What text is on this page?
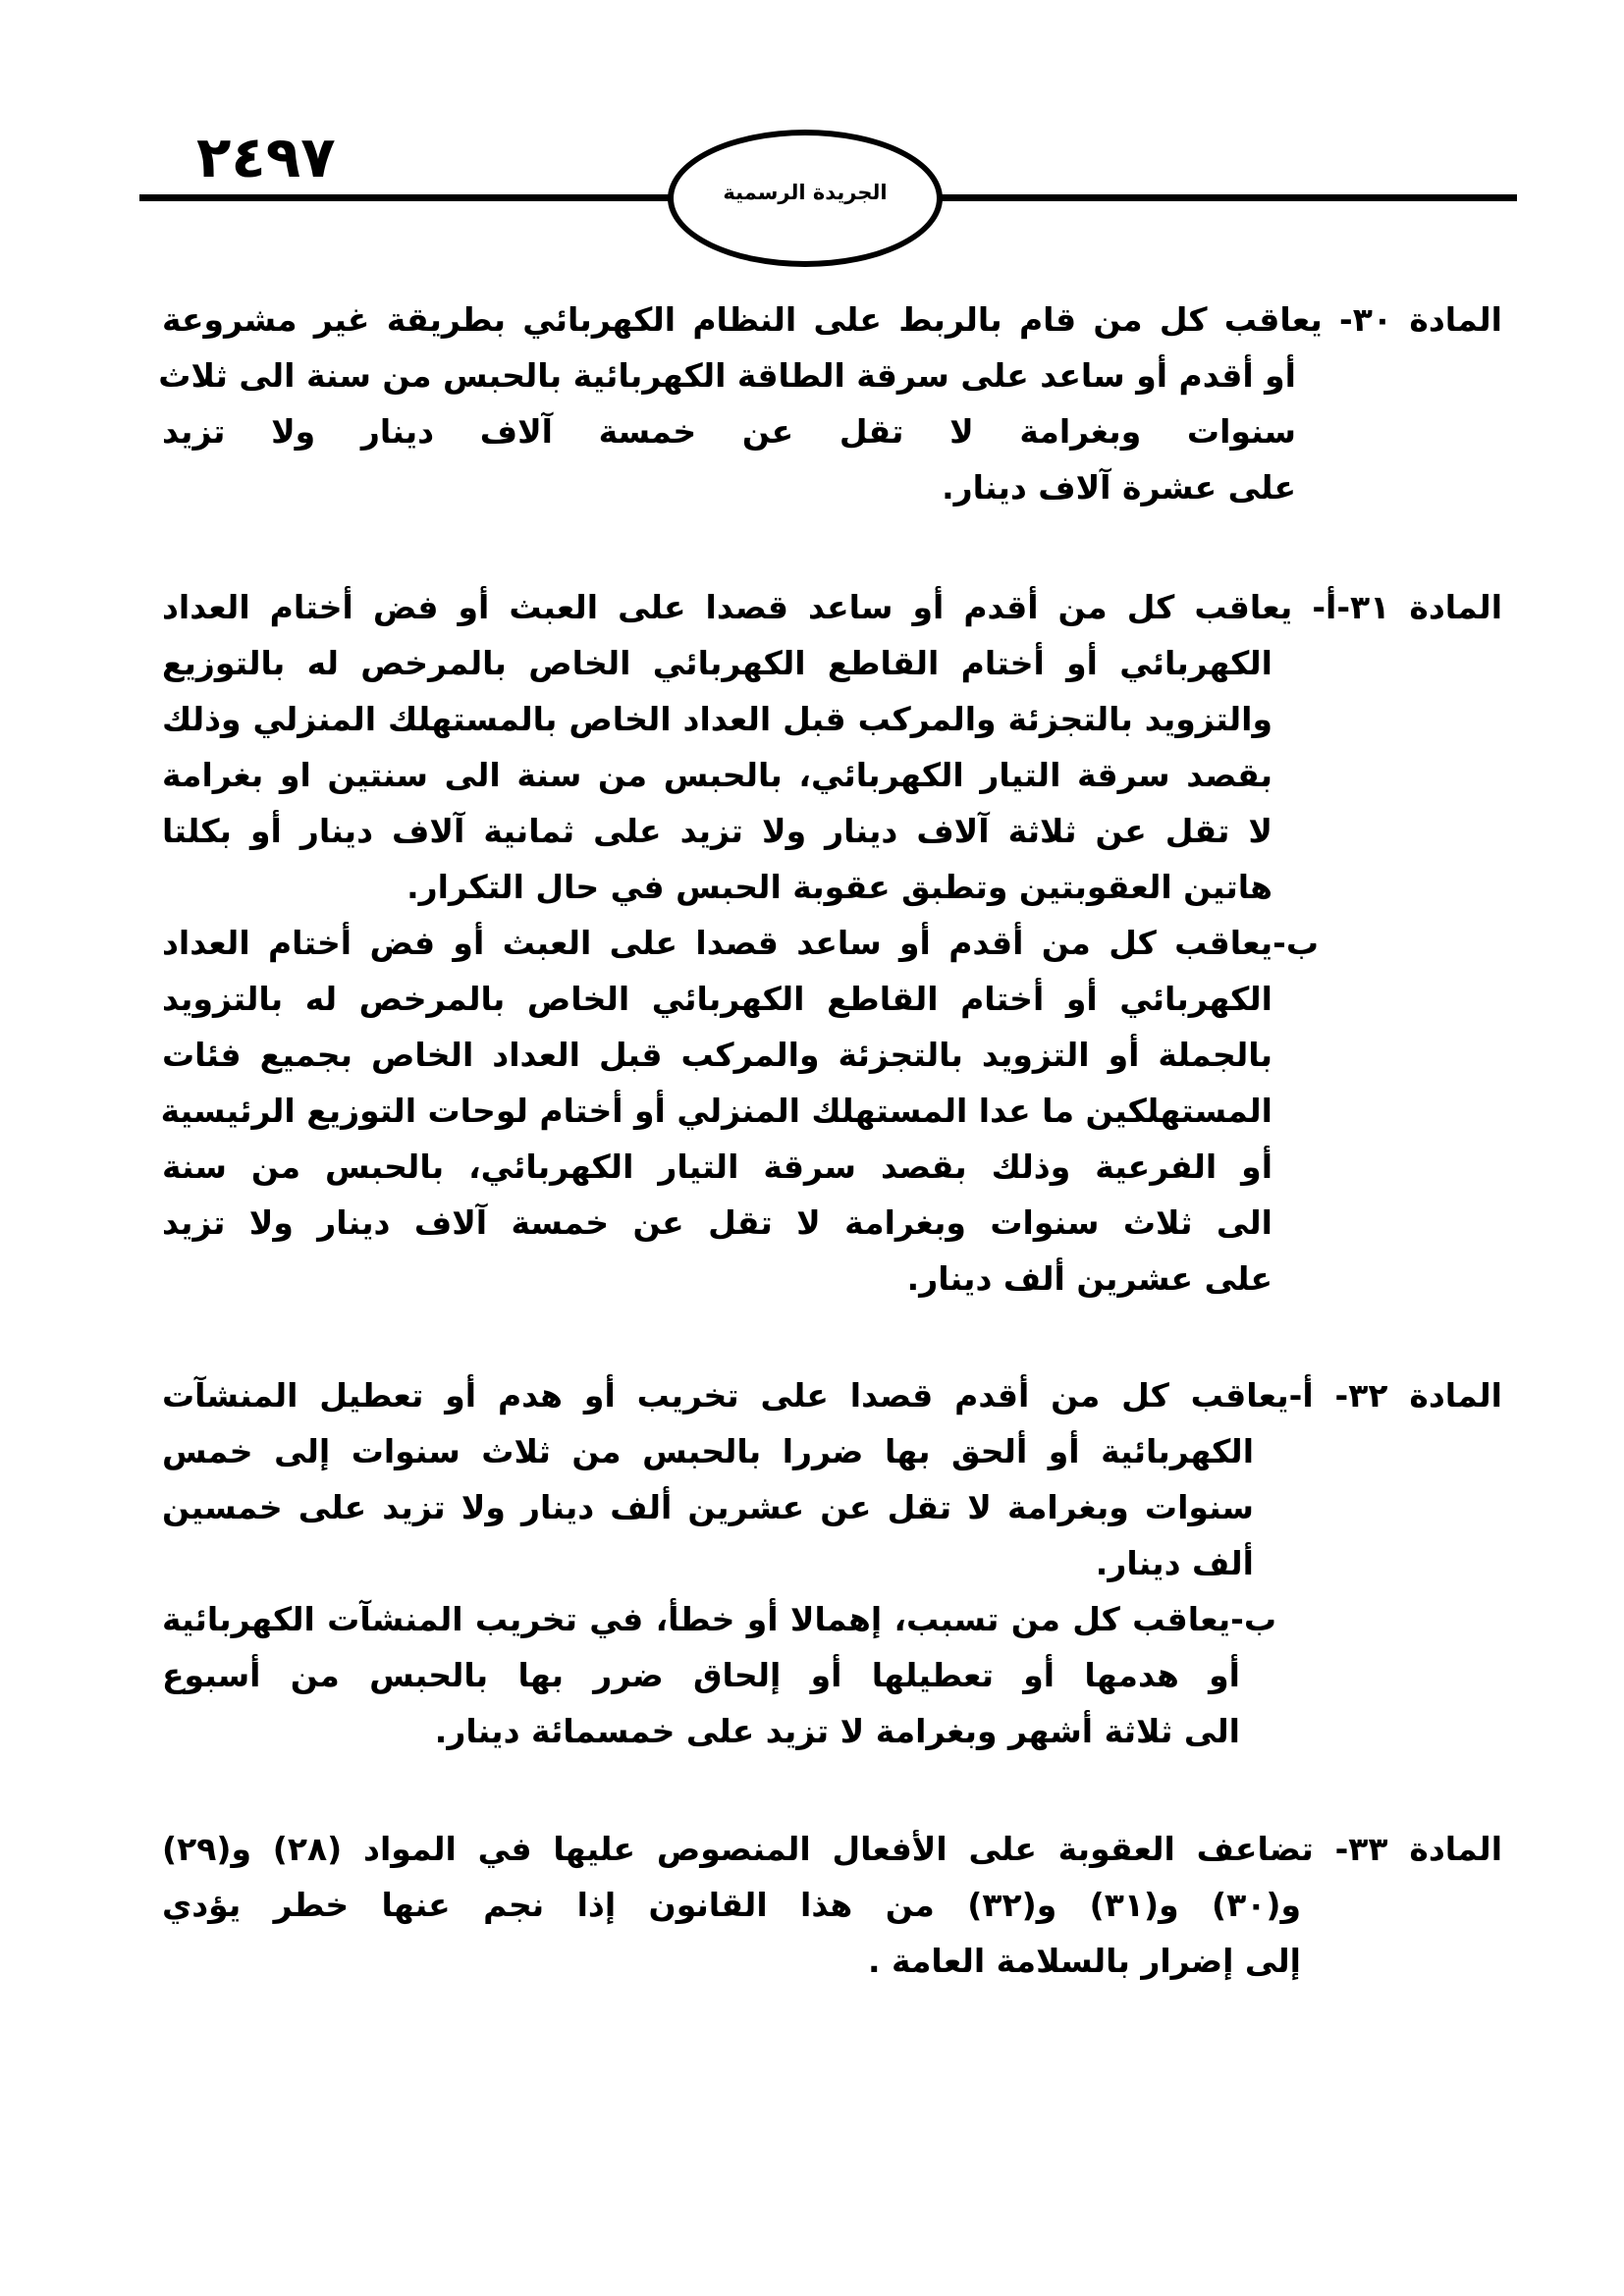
٢٤٩٧
الجريدة الرسمية
المادة ٣٠- يعاقب كل من قام بالربط على النظام الكهربائي بطريقة غير مشروعة
أو أقدم أو ساعد على سرقة الطاقة الكهربائية بالحبس من سنة الى ثلاث
سنوات وبغرامة لا تقل عن خمسة آلاف دينار ولا تزيد
على عشرة آلاف دينار.
المادة ٣١-أ- يعاقب كل من أقدم أو ساعد قصدا على العبث أو فض أختام العداد
الكهربائي أو أختام القاطع الكهربائي الخاص بالمرخص له بالتوزيع
والتزويد بالتجزئة والمركب قبل العداد الخاص بالمستهلك المنزلي وذلك
بقصد سرقة التيار الكهربائي، بالحبس من سنة الى سنتين او بغرامة
لا تقل عن ثلاثة آلاف دينار ولا تزيد على ثمانية آلاف دينار أو بكلتا
هاتين العقوبتين وتطبق عقوبة الحبس في حال التكرار.
ب-يعاقب كل من أقدم أو ساعد قصدا على العبث أو فض أختام العداد
الكهربائي أو أختام القاطع الكهربائي الخاص بالمرخص له بالتزويد
بالجملة أو التزويد بالتجزئة والمركب قبل العداد الخاص بجميع فئات
المستهلكين ما عدا المستهلك المنزلي أو أختام لوحات التوزيع الرئيسية
أو الفرعية وذلك بقصد سرقة التيار الكهربائي، بالحبس من سنة
الى ثلاث سنوات وبغرامة لا تقل عن خمسة آلاف دينار ولا تزيد
على عشرين ألف دينار.
المادة ٣٢- أ-يعاقب كل من أقدم قصدا على تخريب أو هدم أو تعطيل المنشآت
الكهربائية أو ألحق بها ضررا بالحبس من ثلاث سنوات إلى خمس
سنوات وبغرامة لا تقل عن عشرين ألف دينار ولا تزيد على خمسين
ألف دينار.
ب-يعاقب كل من تسبب، إهمالا أو خطأ، في تخريب المنشآت الكهربائية
أو هدمها أو تعطيلها أو إلحاق ضرر بها بالحبس من أسبوع
الى ثلاثة أشهر وبغرامة لا تزيد على خمسمائة دينار.
المادة ٣٣- تضاعف العقوبة على الأفعال المنصوص عليها في المواد (٢٨) و(٢٩)
و(٣٠) و(٣١) و(٣٢) من هذا القانون إذا نجم عنها خطر يؤدي
إلى إضرار بالسلامة العامة .
